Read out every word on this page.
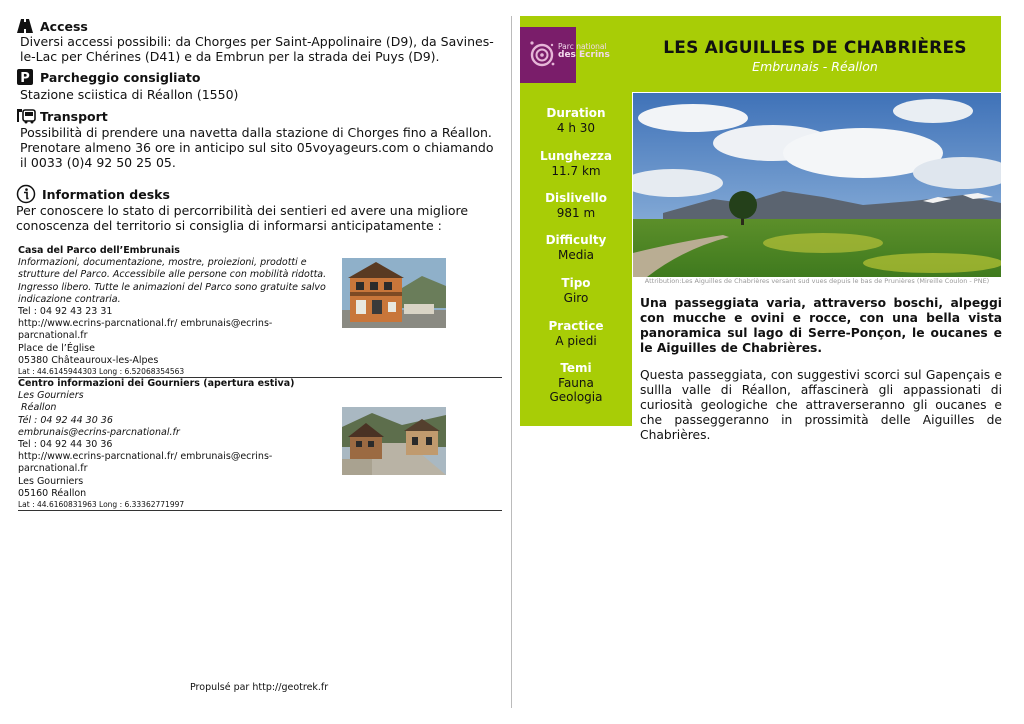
Access
Diversi accessi possibili: da Chorges per Saint-Appolinaire (D9), da Savines-le-Lac per Chérines (D41) e da Embrun per la strada dei Puys (D9).
P Parcheggio consigliato
Stazione sciistica di Réallon (1550)
Transport
Possibilità di prendere una navetta dalla stazione di Chorges fino a Réallon. Prenotare almeno 36 ore in anticipo sul sito 05voyageurs.com o chiamando il 0033 (0)4 92 50 25 05.
Information desks
Per conoscere lo stato di percorribilità dei sentieri ed avere una migliore conoscenza del territorio si consiglia di informarsi anticipatamente :
Casa del Parco dell’Embrunais
Informazioni, documentazione, mostre, proiezioni, prodotti e strutture del Parco. Accessibile alle persone con mobilità ridotta. Ingresso libero. Tutte le animazioni del Parco sono gratuite salvo indicazione contraria.
Tel : 04 92 43 23 31
http://www.ecrins-parcnational.fr/ embrunais@ecrins-parcnational.fr
Place de l’Église
05380 Châteauroux-les-Alpes
Lat : 44.6145944303 Long : 6.52068354563
Centro informazioni dei Gourniers (apertura estiva)
Les Gourniers
Réallon
Tél : 04 92 44 30 36
embrunais@ecrins-parcnational.fr
Tel : 04 92 44 30 36
http://www.ecrins-parcnational.fr/ embrunais@ecrins-parcnational.fr
Les Gourniers
05160 Réallon
Lat : 44.6160831963 Long : 6.33362771997
Propulsé par http://geotrek.fr
Parc national
des Ecrins	LES AIGUILLES DE CHABRIÈRES
Embrunais - Réallon
Duration
4 h 30
Lunghezza
11.7 km
Dislivello
981 m
Difficulty
Media
Tipo
Giro
Practice
A piedi
Temi
Fauna
Geologia
Attribution:Les Aiguilles de Chabrières versant sud vues depuis le bas de Prunières (Mireille Coulon - PNE)
Una passeggiata varia, attraverso boschi, alpeggi con mucche e ovini e rocce, con una bella vista panoramica sul lago di Serre-Ponçon, le oucanes e le Aiguilles de Chabrières.
Questa passeggiata, con suggestivi scorci sul Gapençais e sullla valle di Réallon, affascinerà gli appassionati di curiosità geologiche che attraverseranno gli oucanes e che passeggeranno in prossimità delle Aiguilles de Chabrières.
